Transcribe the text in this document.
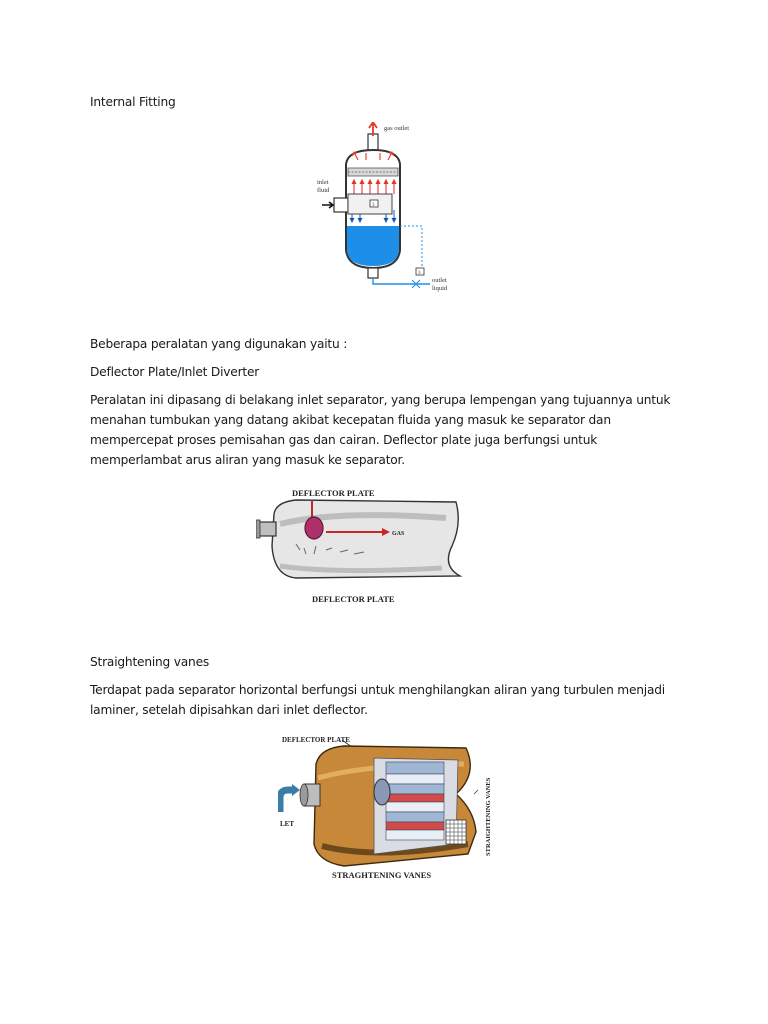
Internal Fitting

gas outlet
3
inlet
fluid
3
outlet
liquid

Beberapa peralatan yang digunakan yaitu :

Deflector Plate/Inlet Diverter

Peralatan ini dipasang di belakang inlet separator, yang berupa lempengan yang tujuannya untuk menahan tumbukan yang datang akibat kecepatan fluida yang masuk ke separator dan mempercepat proses pemisahan gas dan cairan. Deflector plate juga berfungsi untuk memperlambat arus aliran yang masuk ke separator.

DEFLECTOR PLATE
GAS
DEFLECTOR PLATE

Straightening vanes

Terdapat pada separator horizontal berfungsi untuk menghilangkan aliran yang turbulen menjadi laminer, setelah dipisahkan dari inlet deflector.

DEFLECTOR PLATE
LET	STRAIGHTENING VANES
STRAGHTENING VANES
